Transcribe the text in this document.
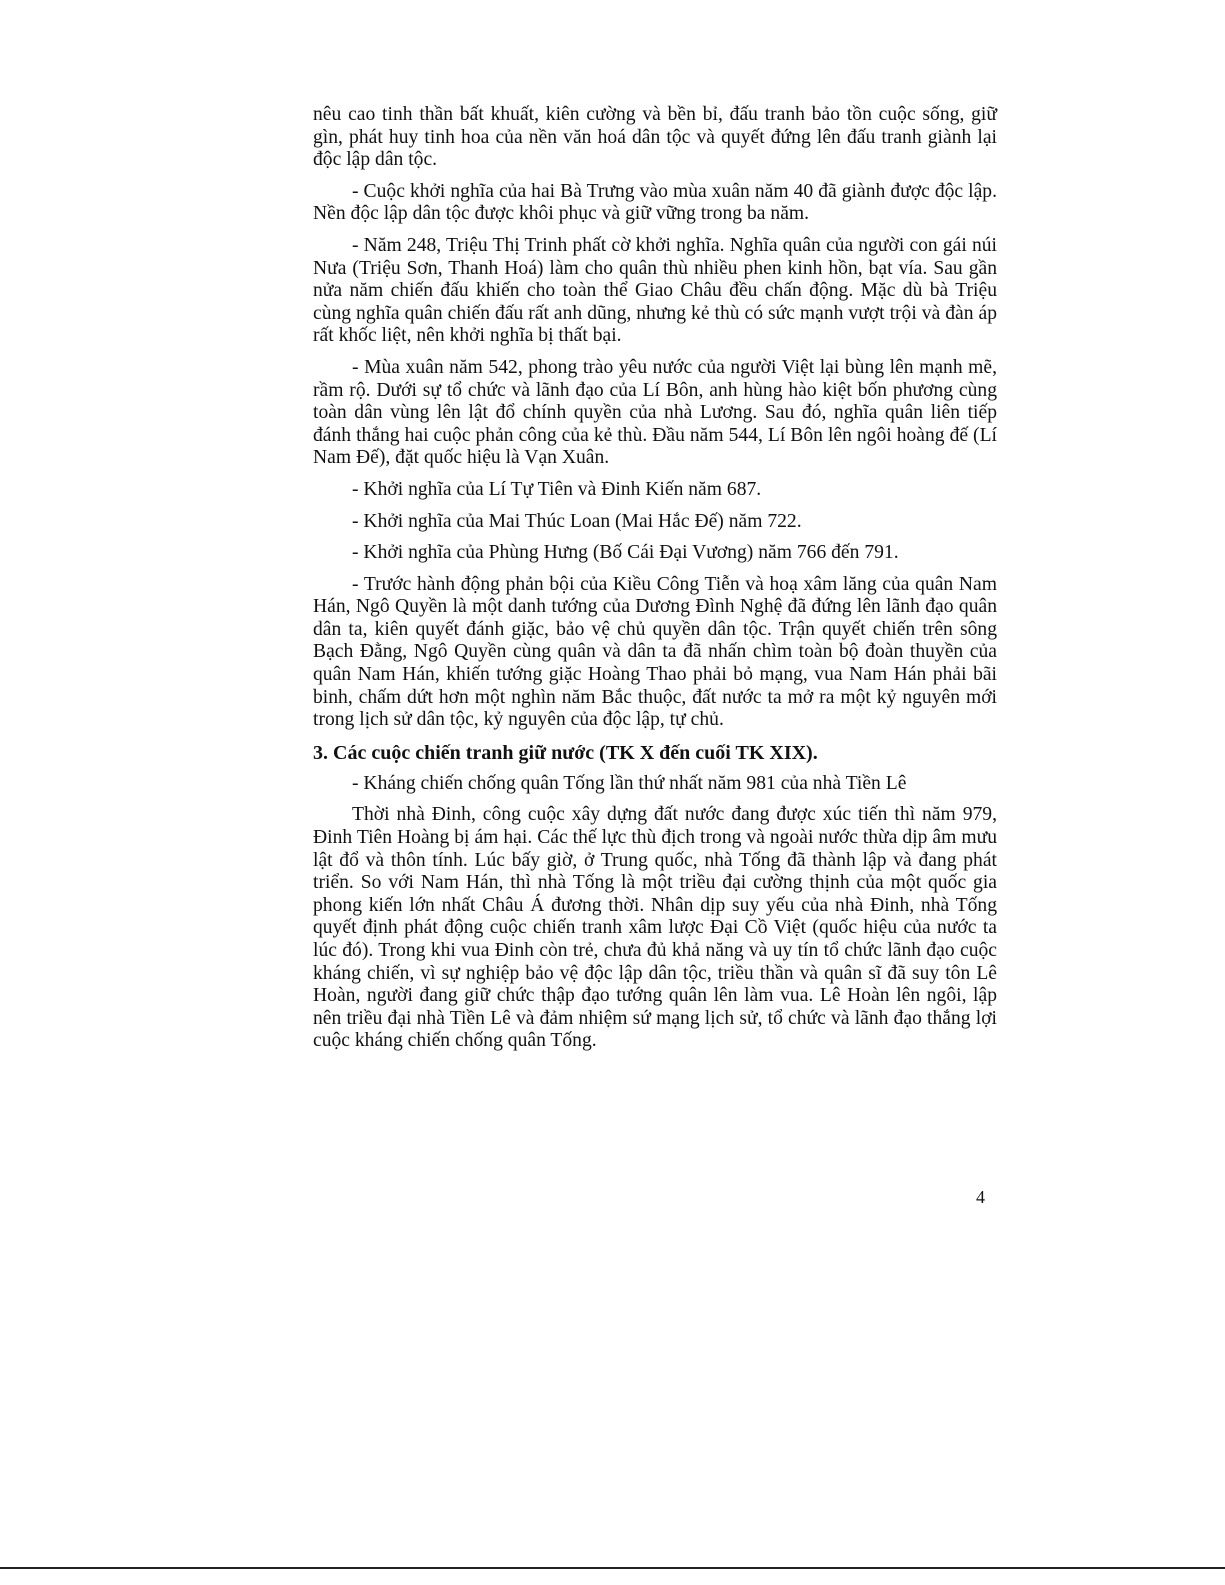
nêu cao tinh thần bất khuất, kiên cường và bền bỉ, đấu tranh bảo tồn cuộc sống, giữ gìn, phát huy tinh hoa của nền văn hoá dân tộc và quyết đứng lên đấu tranh giành lại độc lập dân tộc.

- Cuộc khởi nghĩa của hai Bà Trưng vào mùa xuân năm 40 đã giành được độc lập. Nền độc lập dân tộc được khôi phục và giữ vững trong ba năm.

- Năm 248, Triệu Thị Trinh phất cờ khởi nghĩa. Nghĩa quân của người con gái núi Nưa (Triệu Sơn, Thanh Hoá) làm cho quân thù nhiều phen kinh hồn, bạt vía. Sau gần nửa năm chiến đấu khiến cho toàn thể Giao Châu đều chấn động. Mặc dù bà Triệu cùng nghĩa quân chiến đấu rất anh dũng, nhưng kẻ thù có sức mạnh vượt trội và đàn áp rất khốc liệt, nên khởi nghĩa bị thất bại.

- Mùa xuân năm 542, phong trào yêu nước của người Việt lại bùng lên mạnh mẽ, rầm rộ. Dưới sự tổ chức và lãnh đạo của Lí Bôn, anh hùng hào kiệt bốn phương cùng toàn dân vùng lên lật đổ chính quyền của nhà Lương. Sau đó, nghĩa quân liên tiếp đánh thắng hai cuộc phản công của kẻ thù. Đầu năm 544, Lí Bôn lên ngôi hoàng đế (Lí Nam Đế), đặt quốc hiệu là Vạn Xuân.

- Khởi nghĩa của Lí Tự Tiên và Đinh Kiến năm 687.

- Khởi nghĩa của Mai Thúc Loan (Mai Hắc Đế) năm 722.

- Khởi nghĩa của Phùng Hưng (Bố Cái Đại Vương) năm 766 đến 791.

- Trước hành động phản bội của Kiều Công Tiễn và hoạ xâm lăng của quân Nam Hán, Ngô Quyền là một danh tướng của Dương Đình Nghệ đã đứng lên lãnh đạo quân dân ta, kiên quyết đánh giặc, bảo vệ chủ quyền dân tộc. Trận quyết chiến trên sông Bạch Đằng, Ngô Quyền cùng quân và dân ta đã nhấn chìm toàn bộ đoàn thuyền của quân Nam Hán, khiến tướng giặc Hoàng Thao phải bỏ mạng, vua Nam Hán phải bãi binh, chấm dứt hơn một nghìn năm Bắc thuộc, đất nước ta mở ra một kỷ nguyên mới trong lịch sử dân tộc, kỷ nguyên của độc lập, tự chủ.

3. Các cuộc chiến tranh giữ nước (TK X đến cuối TK XIX).

- Kháng chiến chống quân Tống lần thứ nhất năm 981 của nhà Tiền Lê

Thời nhà Đinh, công cuộc xây dựng đất nước đang được xúc tiến thì năm 979, Đinh Tiên Hoàng bị ám hại. Các thế lực thù địch trong và ngoài nước thừa dịp âm mưu lật đổ và thôn tính. Lúc bấy giờ, ở Trung quốc, nhà Tống đã thành lập và đang phát triển. So với Nam Hán, thì nhà Tống là một triều đại cường thịnh của một quốc gia phong kiến lớn nhất Châu Á đương thời. Nhân dịp suy yếu của nhà Đinh, nhà Tống quyết định phát động cuộc chiến tranh xâm lược Đại Cồ Việt (quốc hiệu của nước ta lúc đó). Trong khi vua Đinh còn trẻ, chưa đủ khả năng và uy tín tổ chức lãnh đạo cuộc kháng chiến, vì sự nghiệp bảo vệ độc lập dân tộc, triều thần và quân sĩ đã suy tôn Lê Hoàn, người đang giữ chức thập đạo tướng quân lên làm vua. Lê Hoàn lên ngôi, lập nên triều đại nhà Tiền Lê và đảm nhiệm sứ mạng lịch sử, tổ chức và lãnh đạo thắng lợi cuộc kháng chiến chống quân Tống.

4
